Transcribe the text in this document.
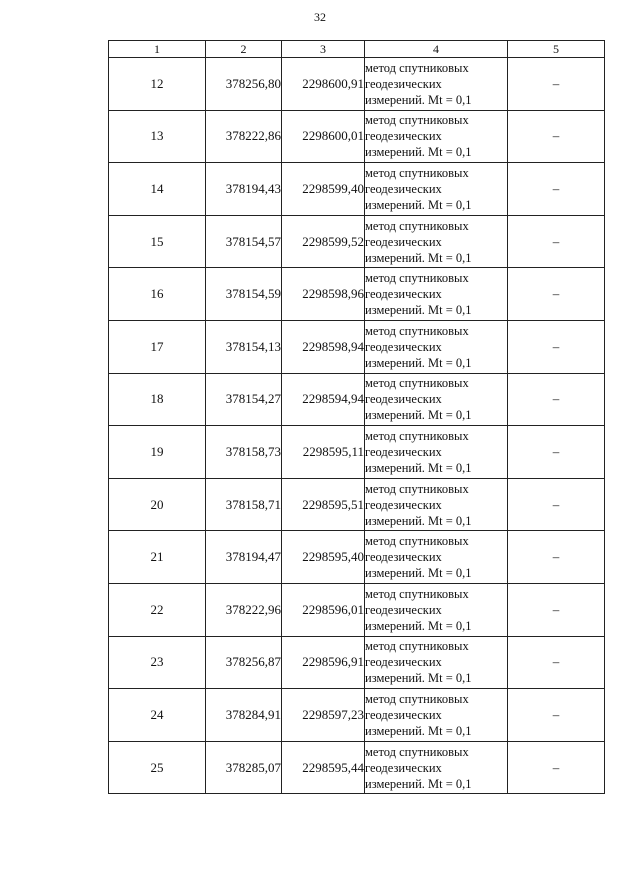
32
1	2	3	4	5
12	378256,80	2298600,91	метод спутниковых
геодезических
измерений. Mt = 0,1	–
13	378222,86	2298600,01	метод спутниковых
геодезических
измерений. Mt = 0,1	–
14	378194,43	2298599,40	метод спутниковых
геодезических
измерений. Mt = 0,1	–
15	378154,57	2298599,52	метод спутниковых
геодезических
измерений. Mt = 0,1	–
16	378154,59	2298598,96	метод спутниковых
геодезических
измерений. Mt = 0,1	–
17	378154,13	2298598,94	метод спутниковых
геодезических
измерений. Mt = 0,1	–
18	378154,27	2298594,94	метод спутниковых
геодезических
измерений. Mt = 0,1	–
19	378158,73	2298595,11	метод спутниковых
геодезических
измерений. Mt = 0,1	–
20	378158,71	2298595,51	метод спутниковых
геодезических
измерений. Mt = 0,1	–
21	378194,47	2298595,40	метод спутниковых
геодезических
измерений. Mt = 0,1	–
22	378222,96	2298596,01	метод спутниковых
геодезических
измерений. Mt = 0,1	–
23	378256,87	2298596,91	метод спутниковых
геодезических
измерений. Mt = 0,1	–
24	378284,91	2298597,23	метод спутниковых
геодезических
измерений. Mt = 0,1	–
25	378285,07	2298595,44	метод спутниковых
геодезических
измерений. Mt = 0,1	–
